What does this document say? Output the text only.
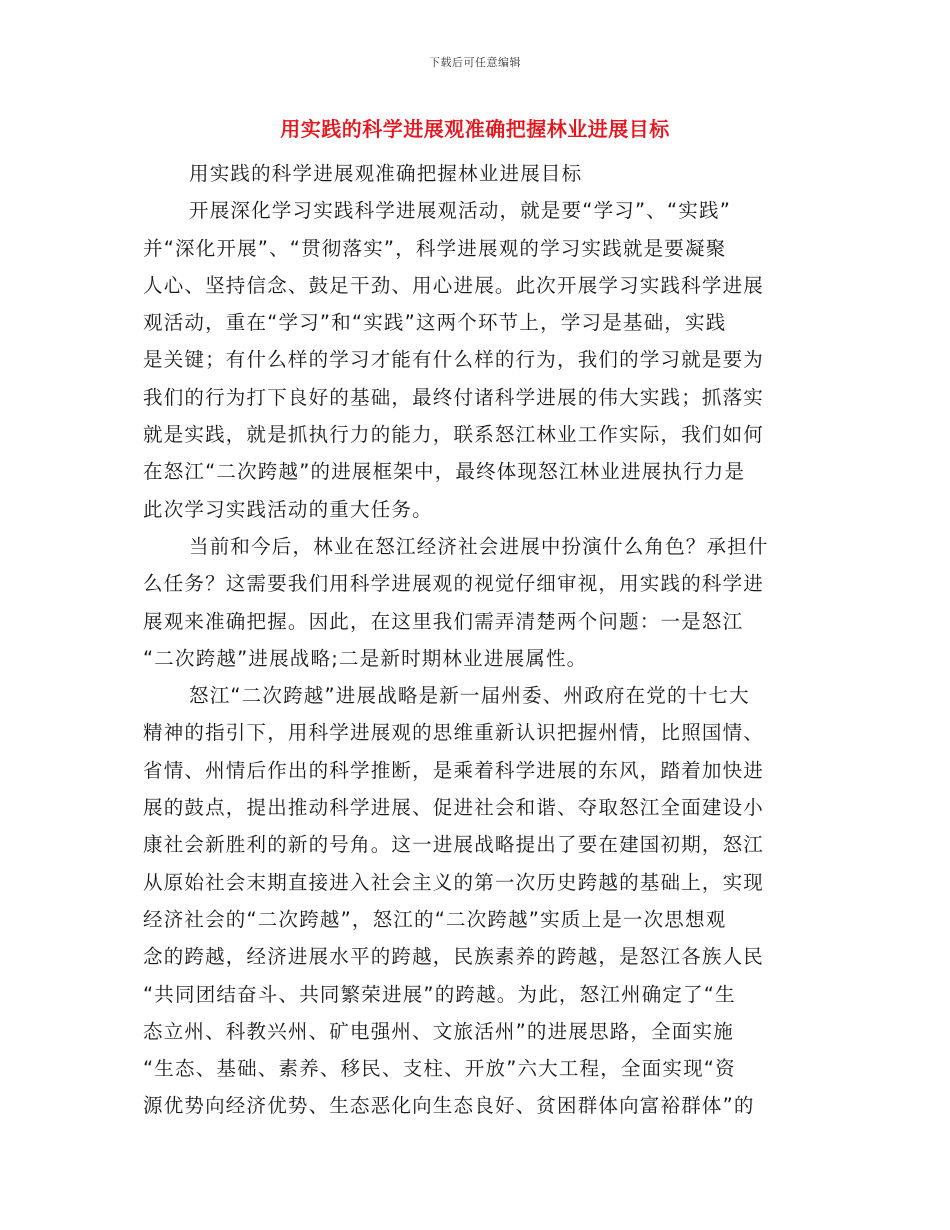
下载后可任意编辑
用实践的科学进展观准确把握林业进展目标
用实践的科学进展观准确把握林业进展目标
开展深化学习实践科学进展观活动，就是要“学习”、“实践”
并“深化开展”、“贯彻落实”，科学进展观的学习实践就是要凝聚
人心、坚持信念、鼓足干劲、用心进展。此次开展学习实践科学进展
观活动，重在“学习”和“实践”这两个环节上，学习是基础，实践
是关键；有什么样的学习才能有什么样的行为，我们的学习就是要为
我们的行为打下良好的基础，最终付诸科学进展的伟大实践；抓落实
就是实践，就是抓执行力的能力，联系怒江林业工作实际，我们如何
在怒江“二次跨越”的进展框架中，最终体现怒江林业进展执行力是
此次学习实践活动的重大任务。
当前和今后，林业在怒江经济社会进展中扮演什么角色？承担什
么任务？这需要我们用科学进展观的视觉仔细审视，用实践的科学进
展观来准确把握。因此，在这里我们需弄清楚两个问题：一是怒江
“二次跨越”进展战略;二是新时期林业进展属性。
怒江“二次跨越”进展战略是新一届州委、州政府在党的十七大
精神的指引下，用科学进展观的思维重新认识把握州情，比照国情、
省情、州情后作出的科学推断，是乘着科学进展的东风，踏着加快进
展的鼓点，提出推动科学进展、促进社会和谐、夺取怒江全面建设小
康社会新胜利的新的号角。这一进展战略提出了要在建国初期，怒江
从原始社会末期直接进入社会主义的第一次历史跨越的基础上，实现
经济社会的“二次跨越”，怒江的“二次跨越”实质上是一次思想观
念的跨越，经济进展水平的跨越，民族素养的跨越，是怒江各族人民
“共同团结奋斗、共同繁荣进展”的跨越。为此，怒江州确定了“生
态立州、科教兴州、矿电强州、文旅活州”的进展思路，全面实施
“生态、基础、素养、移民、支柱、开放”六大工程，全面实现“资
源优势向经济优势、生态恶化向生态良好、贫困群体向富裕群体”的
